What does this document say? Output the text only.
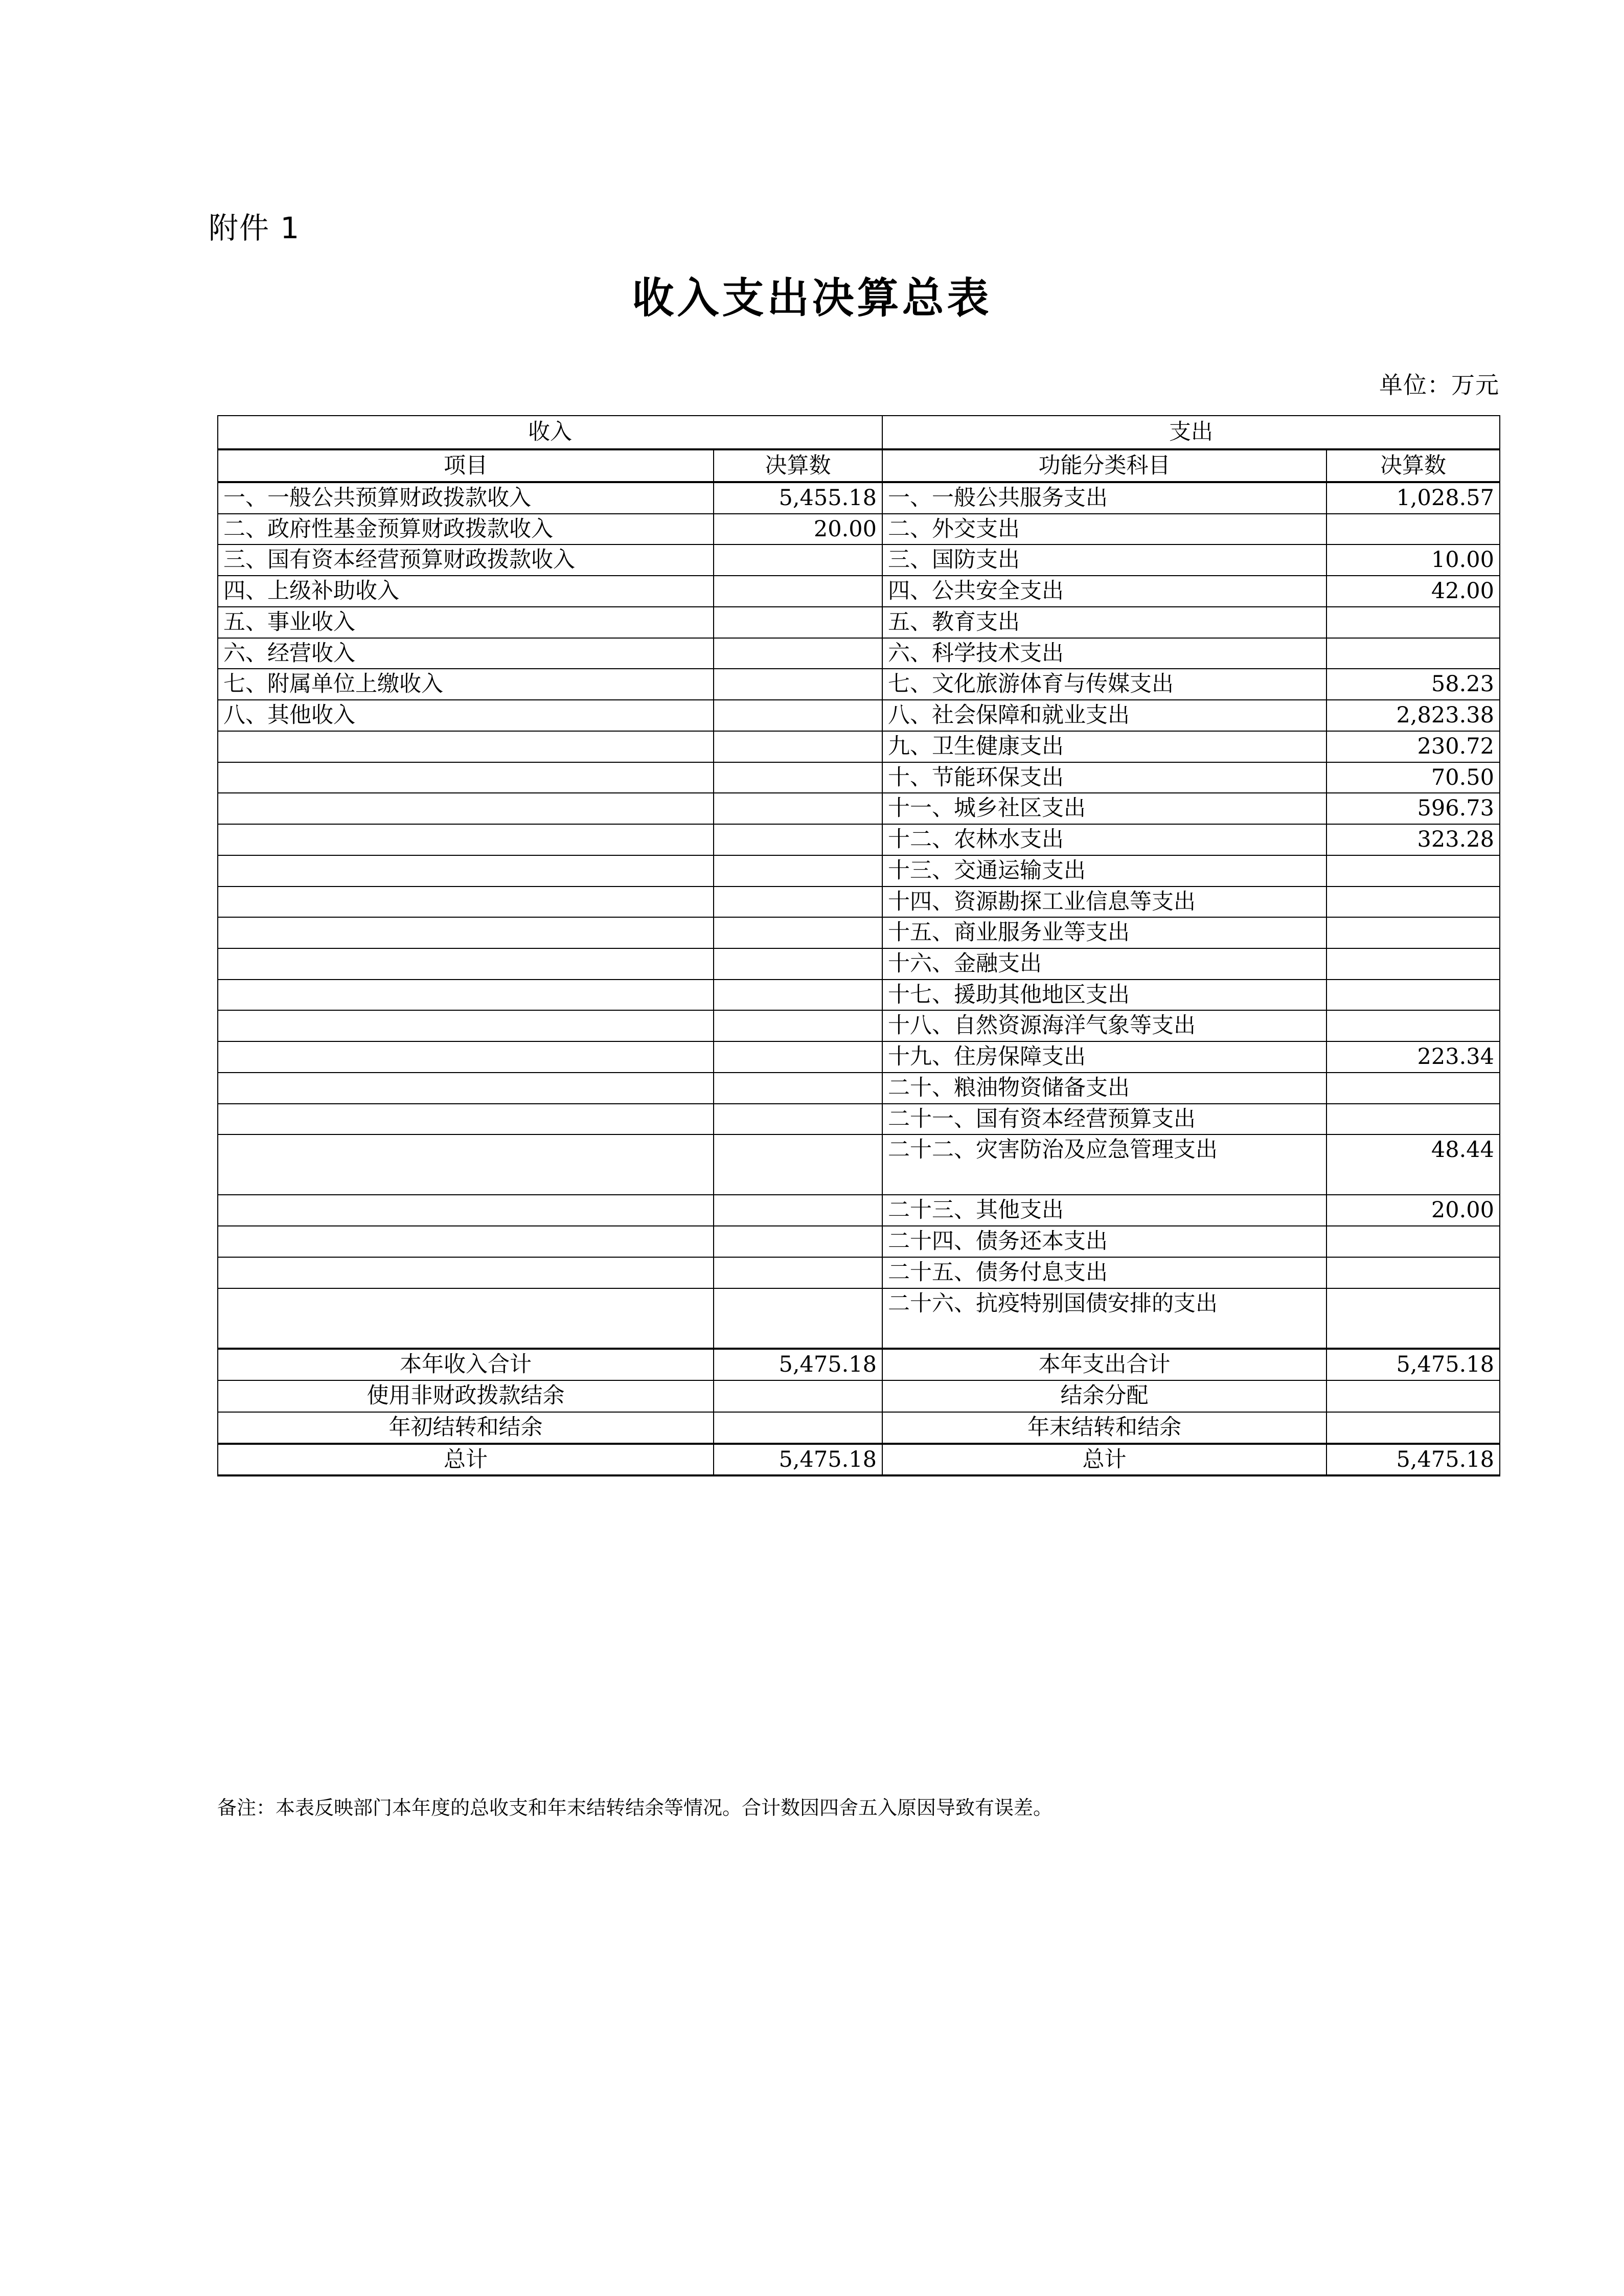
附件 1
收入支出决算总表
单位：万元
收入		支出	
项目	决算数	功能分类科目	决算数
一、一般公共预算财政拨款收入	5,455.18	一、一般公共服务支出	1,028.57
二、政府性基金预算财政拨款收入	20.00	二、外交支出	
三、国有资本经营预算财政拨款收入		三、国防支出	10.00
四、上级补助收入		四、公共安全支出	42.00
五、事业收入		五、教育支出	
六、经营收入		六、科学技术支出	
七、附属单位上缴收入		七、文化旅游体育与传媒支出	58.23
八、其他收入		八、社会保障和就业支出	2,823.38
		九、卫生健康支出	230.72
		十、节能环保支出	70.50
		十一、城乡社区支出	596.73
		十二、农林水支出	323.28
		十三、交通运输支出	
		十四、资源勘探工业信息等支出	
		十五、商业服务业等支出	
		十六、金融支出	
		十七、援助其他地区支出	
		十八、自然资源海洋气象等支出	
		十九、住房保障支出	223.34
		二十、粮油物资储备支出	
		二十一、国有资本经营预算支出	
		二十二、灾害防治及应急管理支出	48.44
		二十三、其他支出	20.00
		二十四、债务还本支出	
		二十五、债务付息支出	
		二十六、抗疫特别国债安排的支出	
本年收入合计	5,475.18	本年支出合计	5,475.18
使用非财政拨款结余		结余分配	
年初结转和结余		年末结转和结余	
总计	5,475.18	总计	5,475.18
备注：本表反映部门本年度的总收支和年末结转结余等情况。合计数因四舍五入原因导致有误差。
